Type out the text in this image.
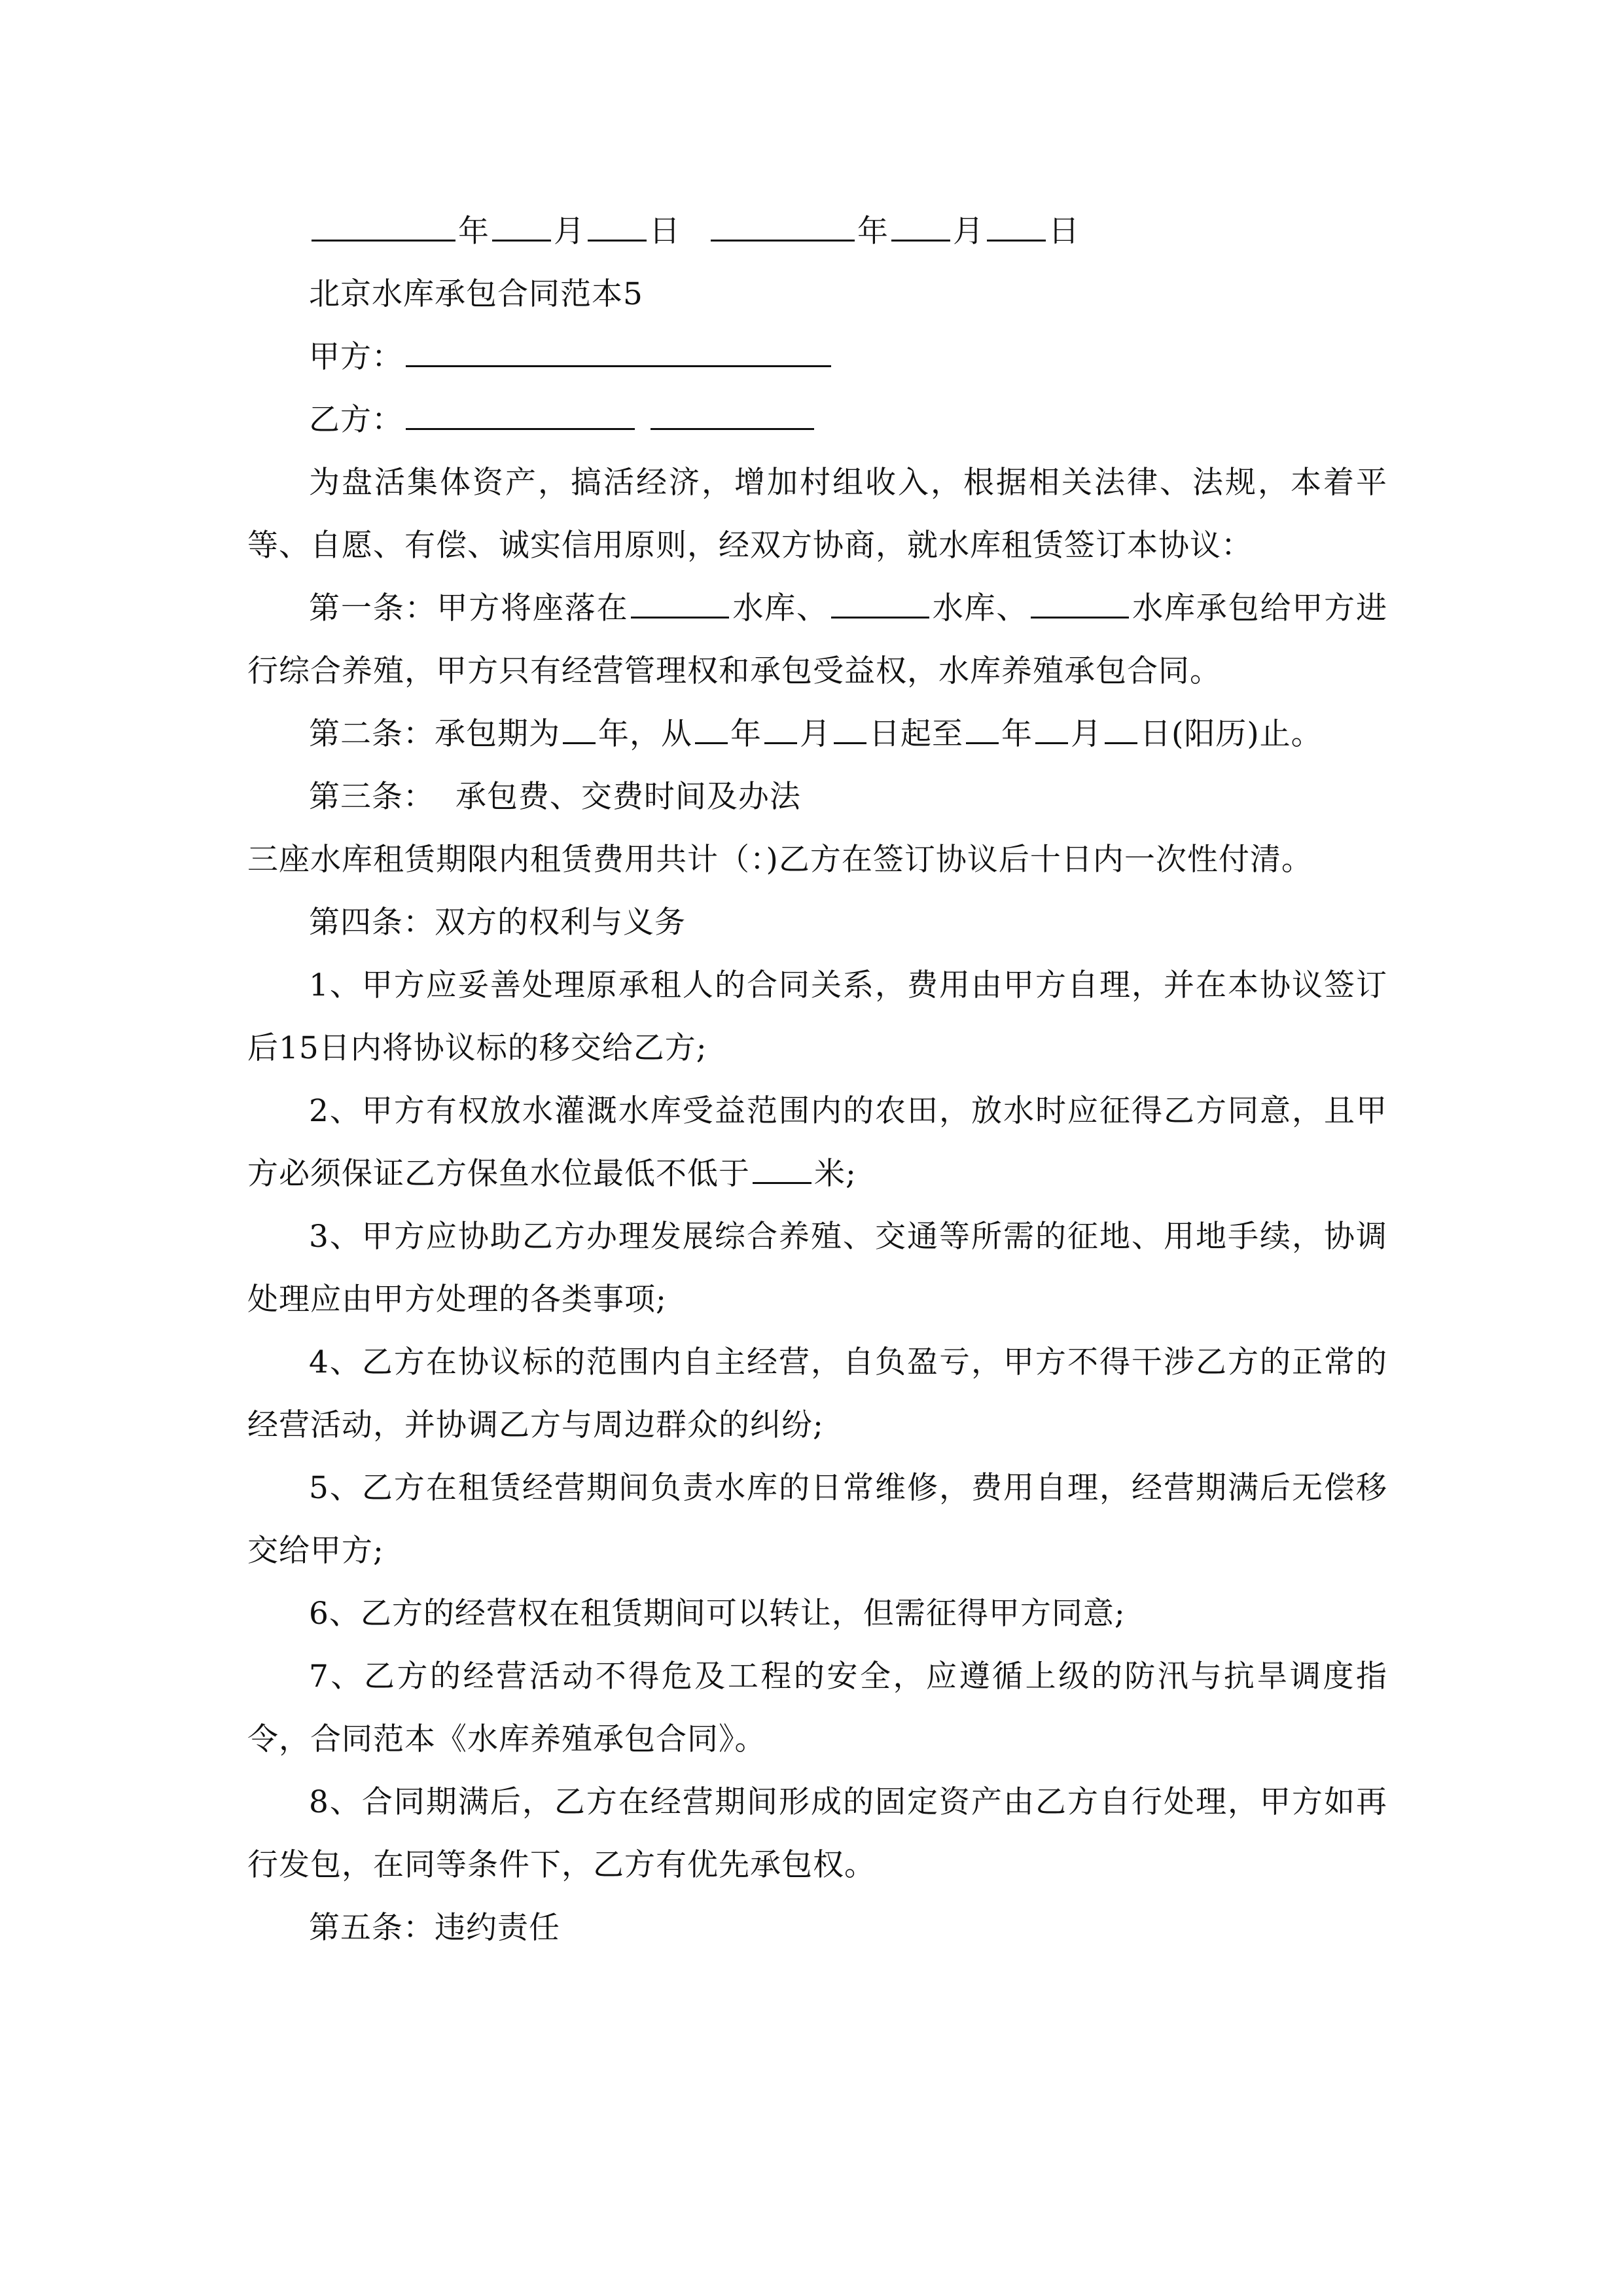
年 月 日	年 月 日

北京水库承包合同范本5

甲方：

乙方：

为盘活集体资产，搞活经济，增加村组收入，根据相关法律、法规，本着平等、自愿、有偿、诚实信用原则，经双方协商，就水库租赁签订本协议：

第一条：甲方将座落在	水库、	水库、	水库承包给甲方进行综合养殖，甲方只有经营管理权和承包受益权，水库养殖承包合同。

第二条：承包期为 年，从 年 月 日起至 年 月 日(阳历)止。

第三条：  承包费、交费时间及办法

三座水库租赁期限内租赁费用共计（：)乙方在签订协议后十日内一次性付清。

第四条：双方的权利与义务

1、甲方应妥善处理原承租人的合同关系，费用由甲方自理，并在本协议签订后15日内将协议标的移交给乙方;

2、甲方有权放水灌溉水库受益范围内的农田，放水时应征得乙方同意，且甲方必须保证乙方保鱼水位最低不低于 米;

3、甲方应协助乙方办理发展综合养殖、交通等所需的征地、用地手续，协调处理应由甲方处理的各类事项;

4、乙方在协议标的范围内自主经营，自负盈亏，甲方不得干涉乙方的正常的经营活动，并协调乙方与周边群众的纠纷;

5、乙方在租赁经营期间负责水库的日常维修，费用自理，经营期满后无偿移交给甲方;

6、乙方的经营权在租赁期间可以转让，但需征得甲方同意;

7、乙方的经营活动不得危及工程的安全，应遵循上级的防汛与抗旱调度指令，合同范本《水库养殖承包合同》。

8、合同期满后，乙方在经营期间形成的固定资产由乙方自行处理，甲方如再行发包，在同等条件下，乙方有优先承包权。

第五条：违约责任
